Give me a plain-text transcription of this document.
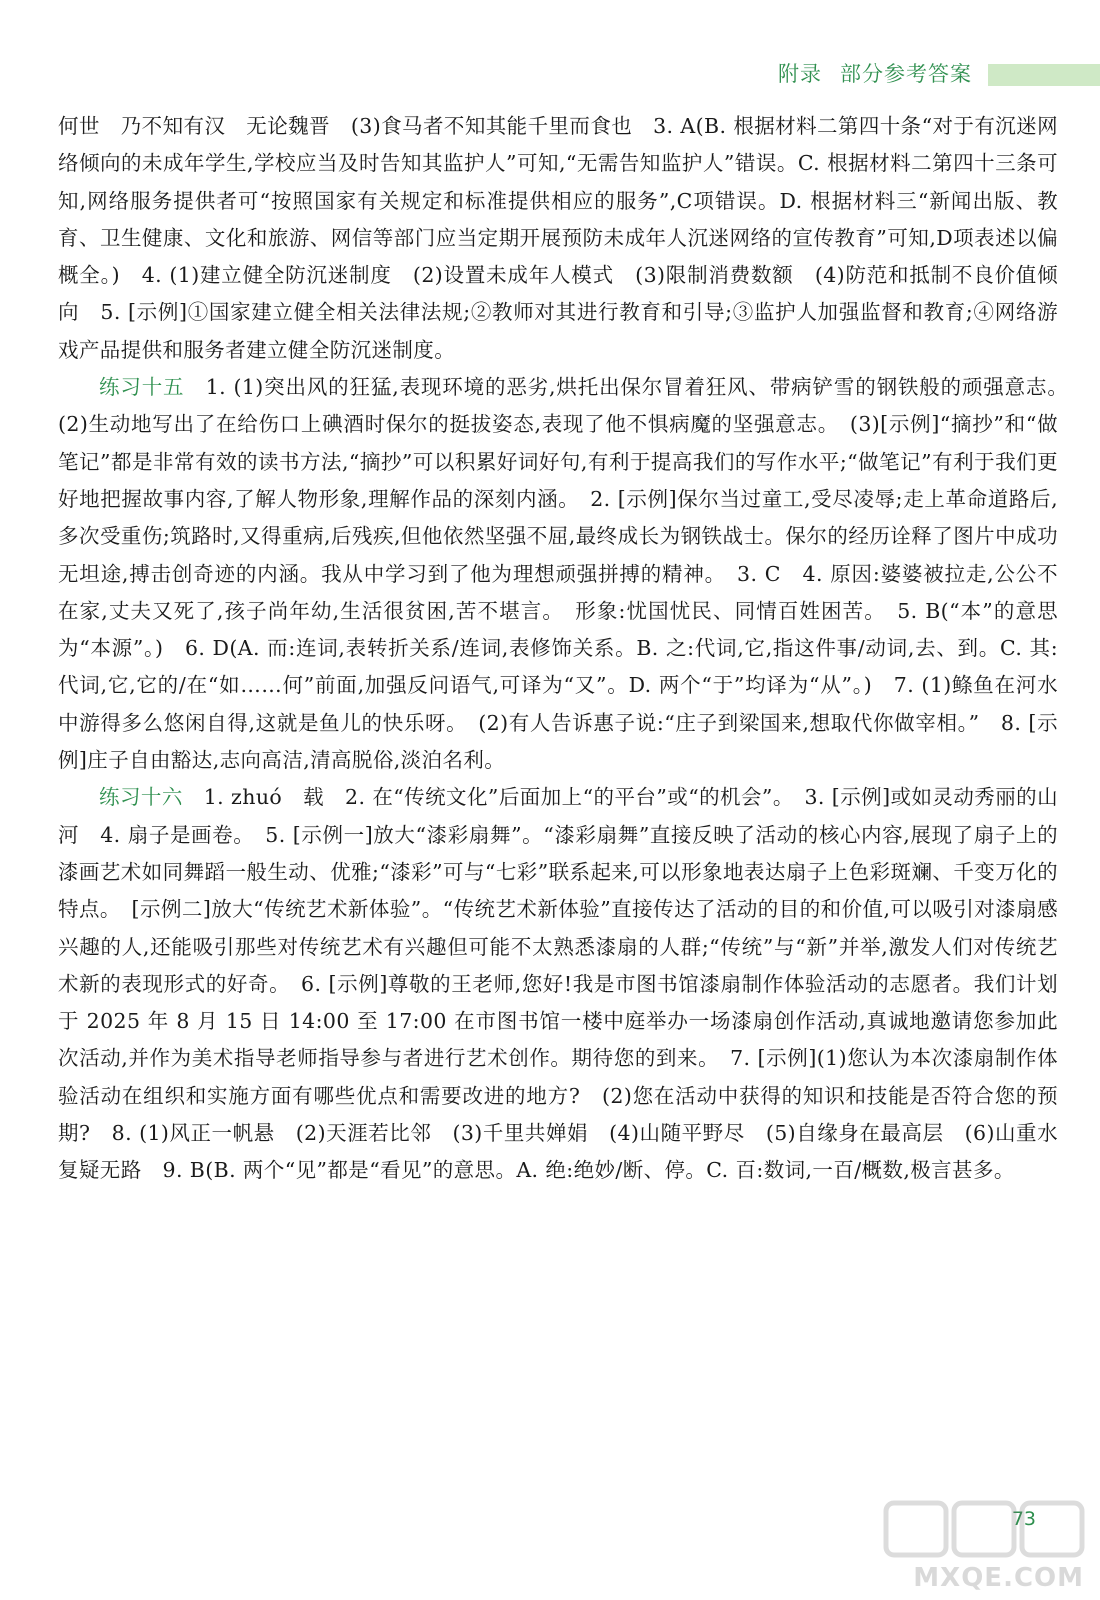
附录 部分参考答案

何世　乃不知有汉　无论魏晋　(3)食马者不知其能千里而食也　3. A(B. 根据材料二第四十条“对于有沉迷网络倾向的未成年学生,学校应当及时告知其监护人”可知,“无需告知监护人”错误。C. 根据材料二第四十三条可知,网络服务提供者可“按照国家有关规定和标准提供相应的服务”,C项错误。D. 根据材料三“新闻出版、教育、卫生健康、文化和旅游、网信等部门应当定期开展预防未成年人沉迷网络的宣传教育”可知,D项表述以偏概全。)　4. (1)建立健全防沉迷制度　(2)设置未成年人模式　(3)限制消费数额　(4)防范和抵制不良价值倾向　5. [示例]①国家建立健全相关法律法规;②教师对其进行教育和引导;③监护人加强监督和教育;④网络游戏产品提供和服务者建立健全防沉迷制度。

练习十五　1. (1)突出风的狂猛,表现环境的恶劣,烘托出保尔冒着狂风、带病铲雪的钢铁般的顽强意志。　(2)生动地写出了在给伤口上碘酒时保尔的挺拔姿态,表现了他不惧病魔的坚强意志。　(3)[示例]“摘抄”和“做笔记”都是非常有效的读书方法,“摘抄”可以积累好词好句,有利于提高我们的写作水平;“做笔记”有利于我们更好地把握故事内容,了解人物形象,理解作品的深刻内涵。　2. [示例]保尔当过童工,受尽凌辱;走上革命道路后,多次受重伤;筑路时,又得重病,后残疾,但他依然坚强不屈,最终成长为钢铁战士。保尔的经历诠释了图片中成功无坦途,搏击创奇迹的内涵。我从中学习到了他为理想顽强拼搏的精神。　3. C　4. 原因:婆婆被拉走,公公不在家,丈夫又死了,孩子尚年幼,生活很贫困,苦不堪言。　形象:忧国忧民、同情百姓困苦。　5. B(“本”的意思为“本源”。)　6. D(A. 而:连词,表转折关系/连词,表修饰关系。B. 之:代词,它,指这件事/动词,去、到。C. 其:代词,它,它的/在“如……何”前面,加强反问语气,可译为“又”。D. 两个“于”均译为“从”。)　7. (1)鲦鱼在河水中游得多么悠闲自得,这就是鱼儿的快乐呀。　(2)有人告诉惠子说:“庄子到梁国来,想取代你做宰相。”　8. [示例]庄子自由豁达,志向高洁,清高脱俗,淡泊名利。

练习十六　1. zhuó　载　2. 在“传统文化”后面加上“的平台”或“的机会”。　3. [示例]或如灵动秀丽的山河　4. 扇子是画卷。　5. [示例一]放大“漆彩扇舞”。“漆彩扇舞”直接反映了活动的核心内容,展现了扇子上的漆画艺术如同舞蹈一般生动、优雅;“漆彩”可与“七彩”联系起来,可以形象地表达扇子上色彩斑斓、千变万化的特点。　[示例二]放大“传统艺术新体验”。“传统艺术新体验”直接传达了活动的目的和价值,可以吸引对漆扇感兴趣的人,还能吸引那些对传统艺术有兴趣但可能不太熟悉漆扇的人群;“传统”与“新”并举,激发人们对传统艺术新的表现形式的好奇。　6. [示例]尊敬的王老师,您好!我是市图书馆漆扇制作体验活动的志愿者。我们计划于 2025 年 8 月 15 日 14:00 至 17:00 在市图书馆一楼中庭举办一场漆扇创作活动,真诚地邀请您参加此次活动,并作为美术指导老师指导参与者进行艺术创作。期待您的到来。　7. [示例](1)您认为本次漆扇制作体验活动在组织和实施方面有哪些优点和需要改进的地方?　(2)您在活动中获得的知识和技能是否符合您的预期?　8. (1)风正一帆悬　(2)天涯若比邻　(3)千里共婵娟　(4)山随平野尽　(5)自缘身在最高层　(6)山重水复疑无路　9. B(B. 两个“见”都是“看见”的意思。A. 绝:绝妙/断、停。C. 百:数词,一百/概数,极言甚多。

73
MXQE.COM
